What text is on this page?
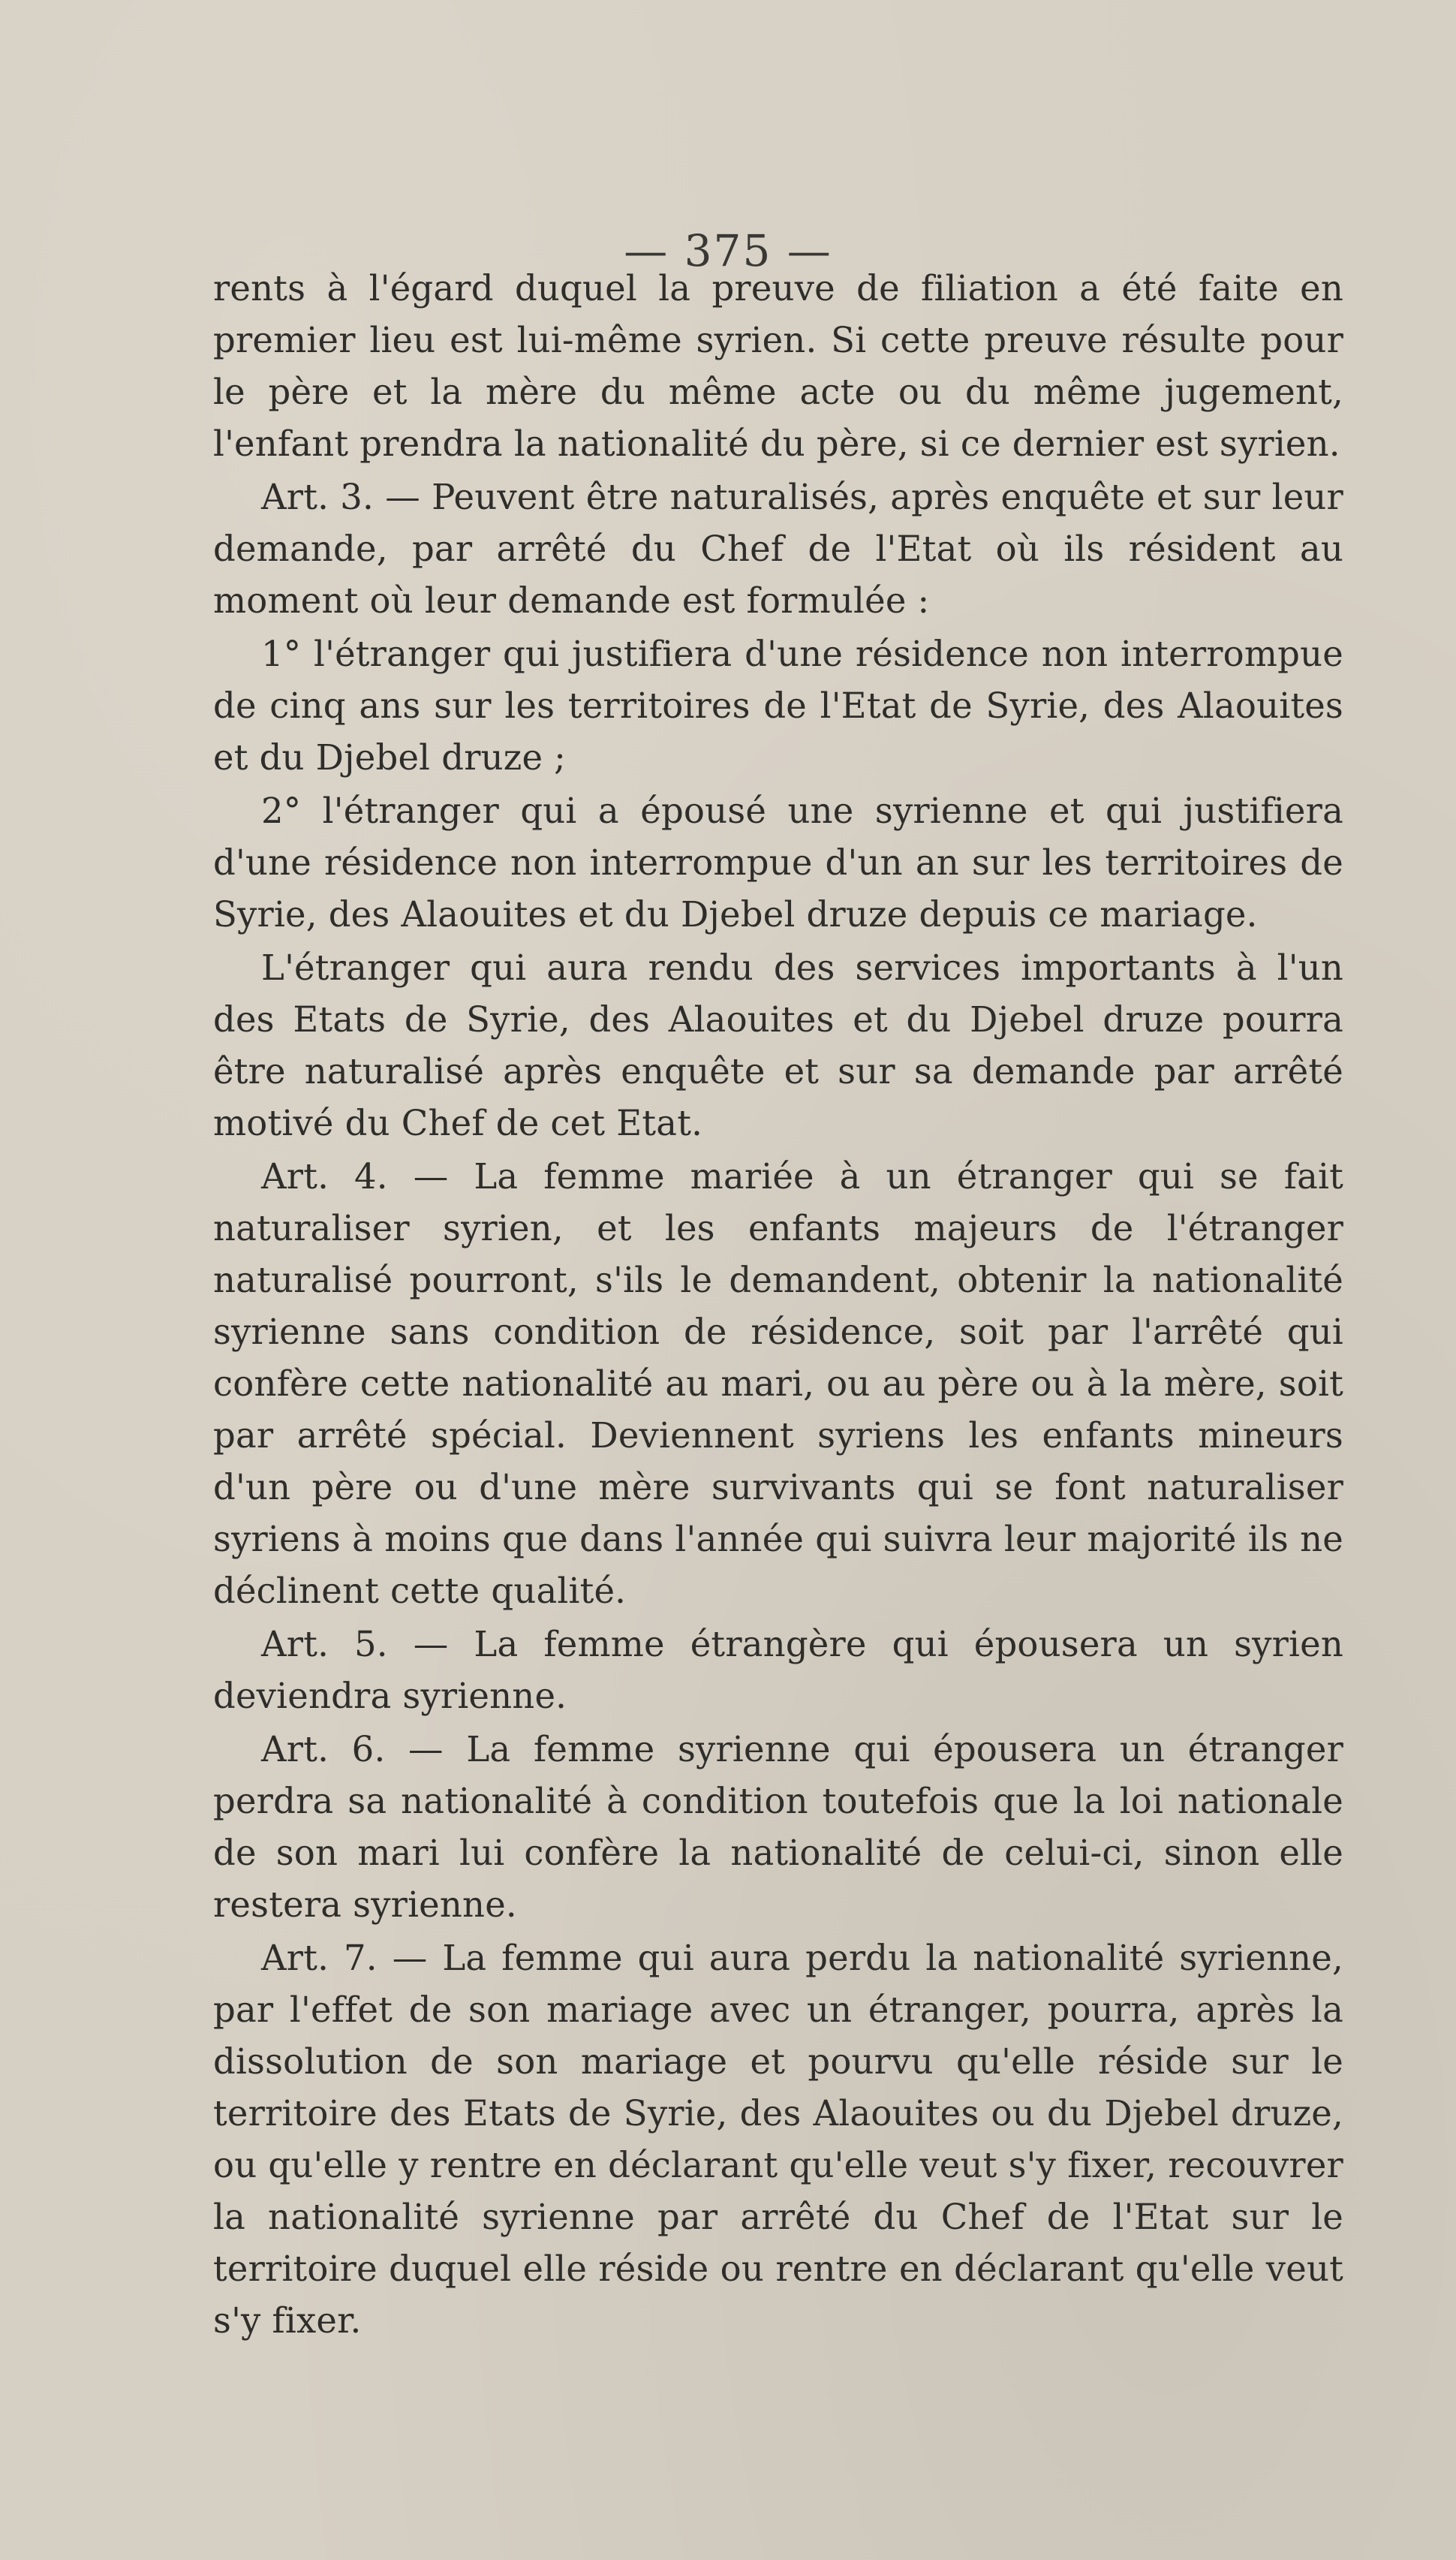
— 375 —

rents à l'égard duquel la preuve de filiation a été faite en premier lieu est lui-même syrien. Si cette preuve résulte pour le père et la mère du même acte ou du même jugement, l'enfant prendra la nationalité du père, si ce dernier est syrien.

Art. 3. — Peuvent être naturalisés, après enquête et sur leur demande, par arrêté du Chef de l'Etat où ils résident au moment où leur demande est formulée :

1° l'étranger qui justifiera d'une résidence non interrompue de cinq ans sur les territoires de l'Etat de Syrie, des Alaouites et du Djebel druze ;

2° l'étranger qui a épousé une syrienne et qui justifiera d'une résidence non interrompue d'un an sur les territoires de Syrie, des Alaouites et du Djebel druze depuis ce mariage.

L'étranger qui aura rendu des services importants à l'un des Etats de Syrie, des Alaouites et du Djebel druze pourra être naturalisé après enquête et sur sa demande par arrêté motivé du Chef de cet Etat.

Art. 4. — La femme mariée à un étranger qui se fait naturaliser syrien, et les enfants majeurs de l'étranger naturalisé pourront, s'ils le demandent, obtenir la nationalité syrienne sans condition de résidence, soit par l'arrêté qui confère cette nationalité au mari, ou au père ou à la mère, soit par arrêté spécial. Deviennent syriens les enfants mineurs d'un père ou d'une mère survivants qui se font naturaliser syriens à moins que dans l'année qui suivra leur majorité ils ne déclinent cette qualité.

Art. 5. — La femme étrangère qui épousera un syrien deviendra syrienne.

Art. 6. — La femme syrienne qui épousera un étranger perdra sa nationalité à condition toutefois que la loi nationale de son mari lui confère la nationalité de celui-ci, sinon elle restera syrienne.

Art. 7. — La femme qui aura perdu la nationalité syrienne, par l'effet de son mariage avec un étranger, pourra, après la dissolution de son mariage et pourvu qu'elle réside sur le territoire des Etats de Syrie, des Alaouites ou du Djebel druze, ou qu'elle y rentre en déclarant qu'elle veut s'y fixer, recouvrer la nationalité syrienne par arrêté du Chef de l'Etat sur le territoire duquel elle réside ou rentre en déclarant qu'elle veut s'y fixer.
